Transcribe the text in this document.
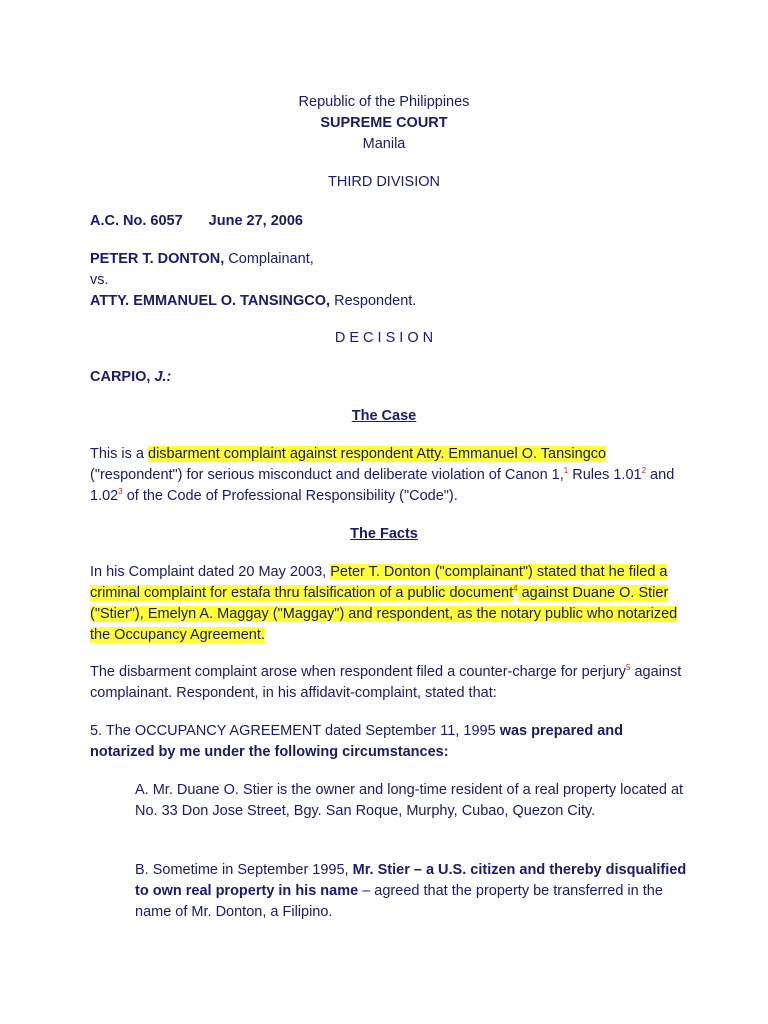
Republic of the Philippines
SUPREME COURT
Manila
THIRD DIVISION
A.C. No. 6057 June 27, 2006
PETER T. DONTON, Complainant,
vs.
ATTY. EMMANUEL O. TANSINGCO, Respondent.
D E C I S I O N
CARPIO, J.:
The Case
This is a disbarment complaint against respondent Atty. Emmanuel O. Tansingco
("respondent") for serious misconduct and deliberate violation of Canon 1,$^1$ Rules 1.01$^2$ and 1.02$^3$ of the Code of Professional Responsibility ("Code").
The Facts
In his Complaint dated 20 May 2003, Peter T. Donton ("complainant") stated that he filed a criminal complaint for estafa thru falsification of a public document$^4$ against Duane O. Stier ("Stier"), Emelyn A. Maggay ("Maggay") and respondent, as the notary public who notarized the Occupancy Agreement.
The disbarment complaint arose when respondent filed a counter-charge for perjury$^5$ against complainant. Respondent, in his affidavit-complaint, stated that:
5. The OCCUPANCY AGREEMENT dated September 11, 1995 was prepared and notarized by me under the following circumstances:
A. Mr. Duane O. Stier is the owner and long-time resident of a real property located at No. 33 Don Jose Street, Bgy. San Roque, Murphy, Cubao, Quezon City.
B. Sometime in September 1995, Mr. Stier – a U.S. citizen and thereby disqualified to own real property in his name – agreed that the property be transferred in the name of Mr. Donton, a Filipino.
